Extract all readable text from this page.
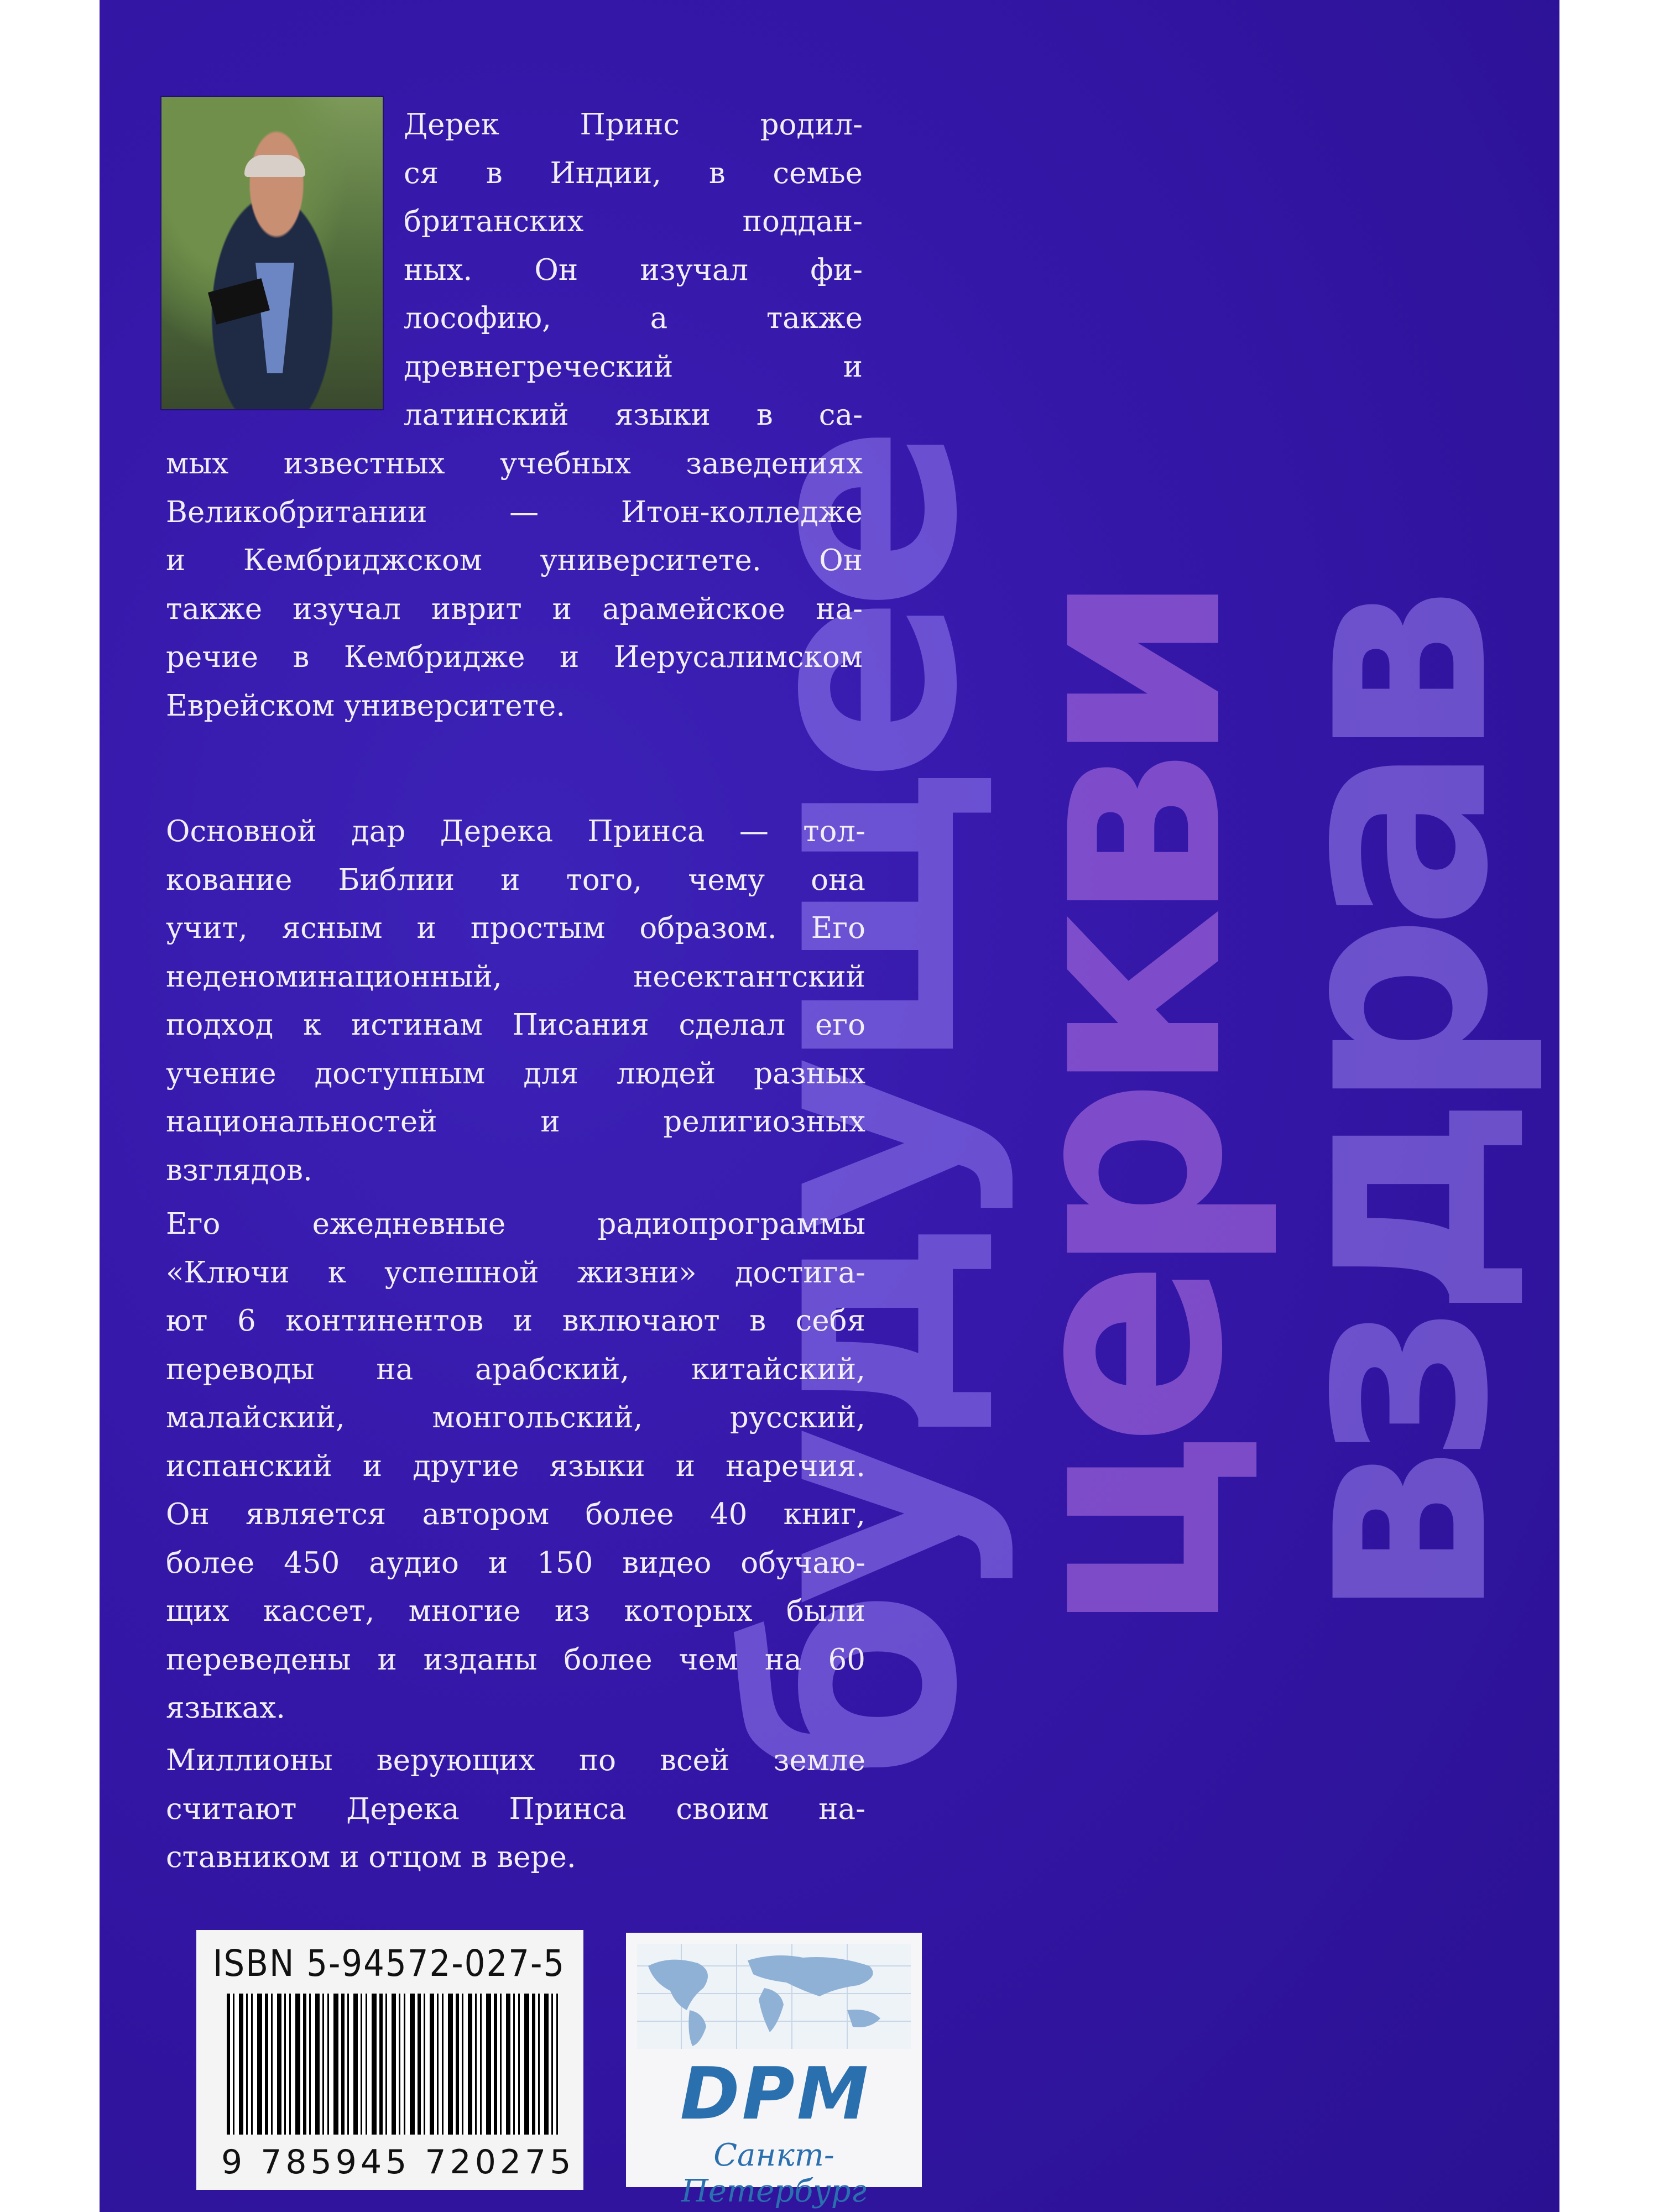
будущее
церкви
вздрав
Дерек Принс родил-
ся в Индии, в семье
британских поддан-
ных. Он изучал фи-
лософию, а также
древнегреческий и
латинский языки в са-
мых известных учебных заведениях
Великобритании — Итон-колледже
и Кембриджском университете. Он
также изучал иврит и арамейское на-
речие в Кембридже и Иерусалимском
Еврейском университете.
Основной дар Дерека Принса — тол-
кование Библии и того, чему она
учит, ясным и простым образом. Его
неденоминационный, несектантский
подход к истинам Писания сделал его
учение доступным для людей разных
национальностей и религиозных
взглядов.
Его ежедневные радиопрограммы
«Ключи к успешной жизни» достига-
ют 6 континентов и включают в себя
переводы на арабский, китайский,
малайский, монгольский, русский,
испанский и другие языки и наречия.
Он является автором более 40 книг,
более 450 аудио и 150 видео обучаю-
щих кассет, многие из которых были
переведены и изданы более чем на 60
языках.
Миллионы верующих по всей земле
считают Дерека Принса своим на-
ставником и отцом в вере.
ISBN 5-94572-027-5
9 785945 720275
DPM
Санкт-Петербург
